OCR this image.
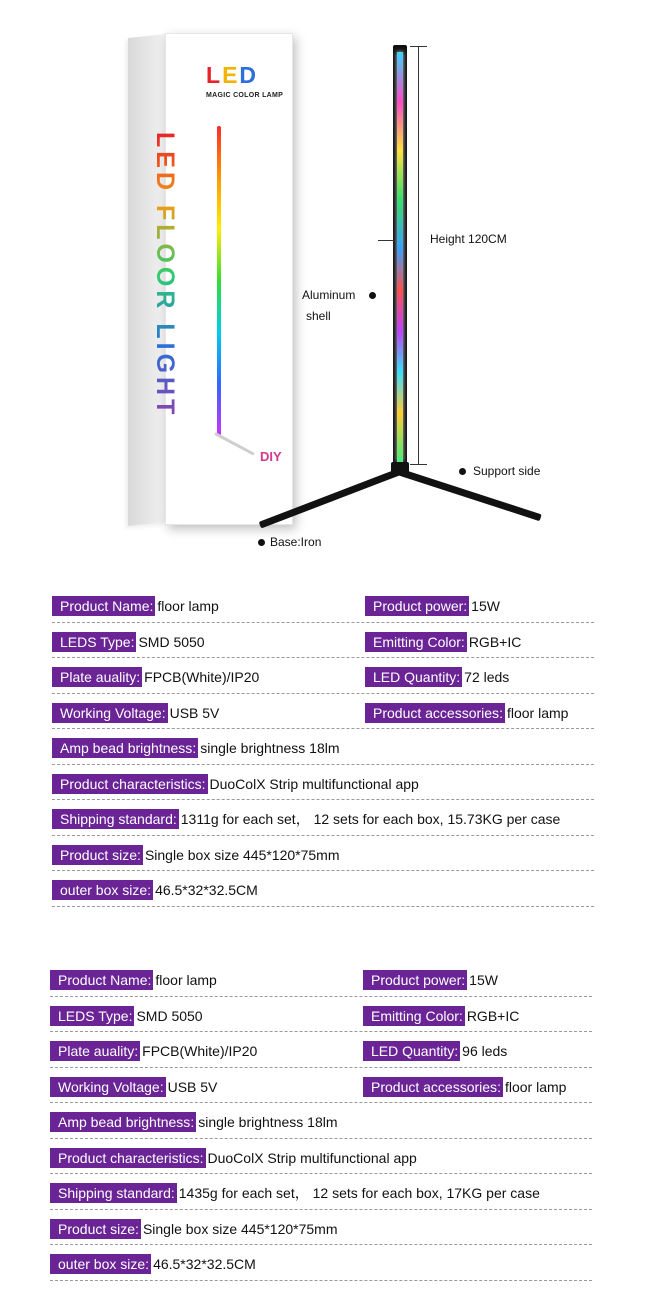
LED
MAGIC COLOR LAMP
LED FLOOR LIGHT
DIY
Height 120CM
Aluminum
shell
Support side
Base:Iron
Product Name : floor lamp	Product power : 15W
LEDS Type : SMD 5050	Emitting Color : RGB+IC
Plate auality : FPCB(White)/IP20	LED Quantity : 72 leds
Working Voltage : USB 5V	Product accessories : floor lamp
Amp bead brightness : single brightness 18lm
Product characteristics : DuoColX Strip multifunctional app
Shipping standard : 1311g for each set， 12 sets for each box, 15.73KG per case
Product size : Single box size 445*120*75mm
outer box size : 46.5*32*32.5CM
Product Name : floor lamp	Product power : 15W
LEDS Type : SMD 5050	Emitting Color : RGB+IC
Plate auality : FPCB(White)/IP20	LED Quantity : 96 leds
Working Voltage : USB 5V	Product accessories : floor lamp
Amp bead brightness : single brightness 18lm
Product characteristics : DuoColX Strip multifunctional app
Shipping standard : 1435g for each set， 12 sets for each box, 17KG per case
Product size : Single box size 445*120*75mm
outer box size : 46.5*32*32.5CM
